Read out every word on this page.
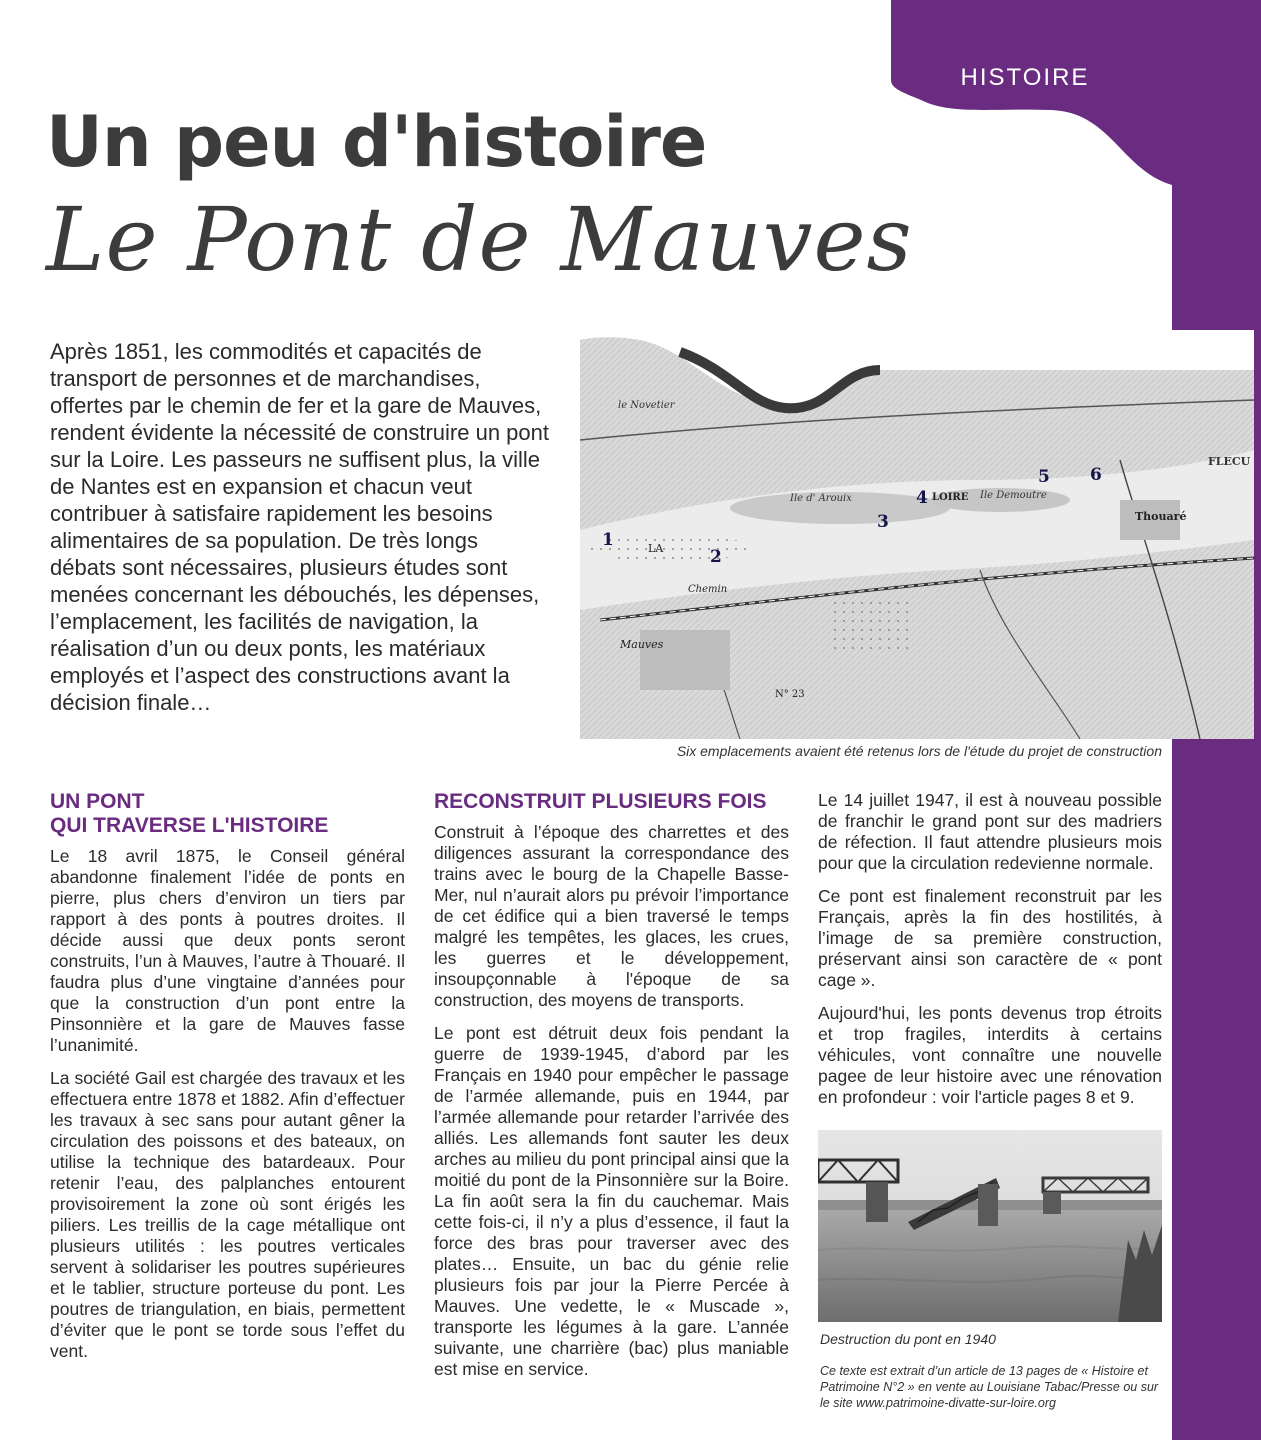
HISTOIRE
Un peu d'histoire
Le Pont de Mauves

Après 1851, les commodités et capacités de transport de personnes et de marchandises, offertes par le chemin de fer et la gare de Mauves, rendent évidente la nécessité de construire un pont sur la Loire. Les passeurs ne suffisent plus, la ville de Nantes est en expansion et chacun veut contribuer à satisfaire rapidement les besoins alimentaires de sa population. De très longs débats sont nécessaires, plusieurs études sont menées concernant les débouchés, les dépenses, l’emplacement, les facilités de navigation, la réalisation d’un ou deux ponts, les matériaux employés et l’aspect des constructions avant la décision finale…

le Novetier
Ile d' Arouix	LOIRE Ile Demoutre
FLECU
Thouaré
LA
Chemin
Mauves
N° 23
1
2
3
4
5 6

Six emplacements avaient été retenus lors de l'étude du projet de construction

UN PONT
QUI TRAVERSE L'HISTOIRE

Le 18 avril 1875, le Conseil général abandonne finalement l’idée de ponts en pierre, plus chers d’environ un tiers par rapport à des ponts à poutres droites. Il décide aussi que deux ponts seront construits, l’un à Mauves, l’autre à Thouaré. Il faudra plus d’une vingtaine d’années pour que la construction d’un pont entre la Pinsonnière et la gare de Mauves fasse l’unanimité.

La société Gail est chargée des travaux et les effectuera entre 1878 et 1882. Afin d’effectuer les travaux à sec sans pour autant gêner la circulation des poissons et des bateaux, on utilise la technique des batardeaux. Pour retenir l’eau, des palplanches entourent provisoirement la zone où sont érigés les piliers. Les treillis de la cage métallique ont plusieurs utilités : les poutres verticales servent à solidariser les poutres supérieures et le tablier, structure porteuse du pont. Les poutres de triangulation, en biais, permettent d’éviter que le pont se torde sous l’effet du vent.

RECONSTRUIT PLUSIEURS FOIS

Construit à l’époque des charrettes et des diligences assurant la correspondance des trains avec le bourg de la Chapelle Basse-Mer, nul n’aurait alors pu prévoir l’importance de cet édifice qui a bien traversé le temps malgré les tempêtes, les glaces, les crues, les guerres et le développement, insoupçonnable à l'époque de sa construction, des moyens de transports.

Le pont est détruit deux fois pendant la guerre de 1939-1945, d’abord par les Français en 1940 pour empêcher le passage de l’armée allemande, puis en 1944, par l’armée allemande pour retarder l’arrivée des alliés. Les allemands font sauter les deux arches au milieu du pont principal ainsi que la moitié du pont de la Pinsonnière sur la Boire. La fin août sera la fin du cauchemar. Mais cette fois-ci, il n’y a plus d’essence, il faut la force des bras pour traverser avec des plates… Ensuite, un bac du génie relie plusieurs fois par jour la Pierre Percée à Mauves. Une vedette, le « Muscade », transporte les légumes à la gare. L’année suivante, une charrière (bac) plus maniable est mise en service.

Le 14 juillet 1947, il est à nouveau possible de franchir le grand pont sur des madriers de réfection. Il faut attendre plusieurs mois pour que la circulation redevienne normale.

Ce pont est finalement reconstruit par les Français, après la fin des hostilités, à l’image de sa première construction, préservant ainsi son caractère de « pont cage ».

Aujourd'hui, les ponts devenus trop étroits et trop fragiles, interdits à certains véhicules, vont connaître une nouvelle pagee de leur histoire avec une rénovation en profondeur : voir l'article pages 8 et 9.

Destruction du pont en 1940

Ce texte est extrait d’un article de 13 pages de « Histoire et Patrimoine N°2 » en vente au Louisiane Tabac/Presse ou sur le site www.patrimoine-divatte-sur-loire.org
